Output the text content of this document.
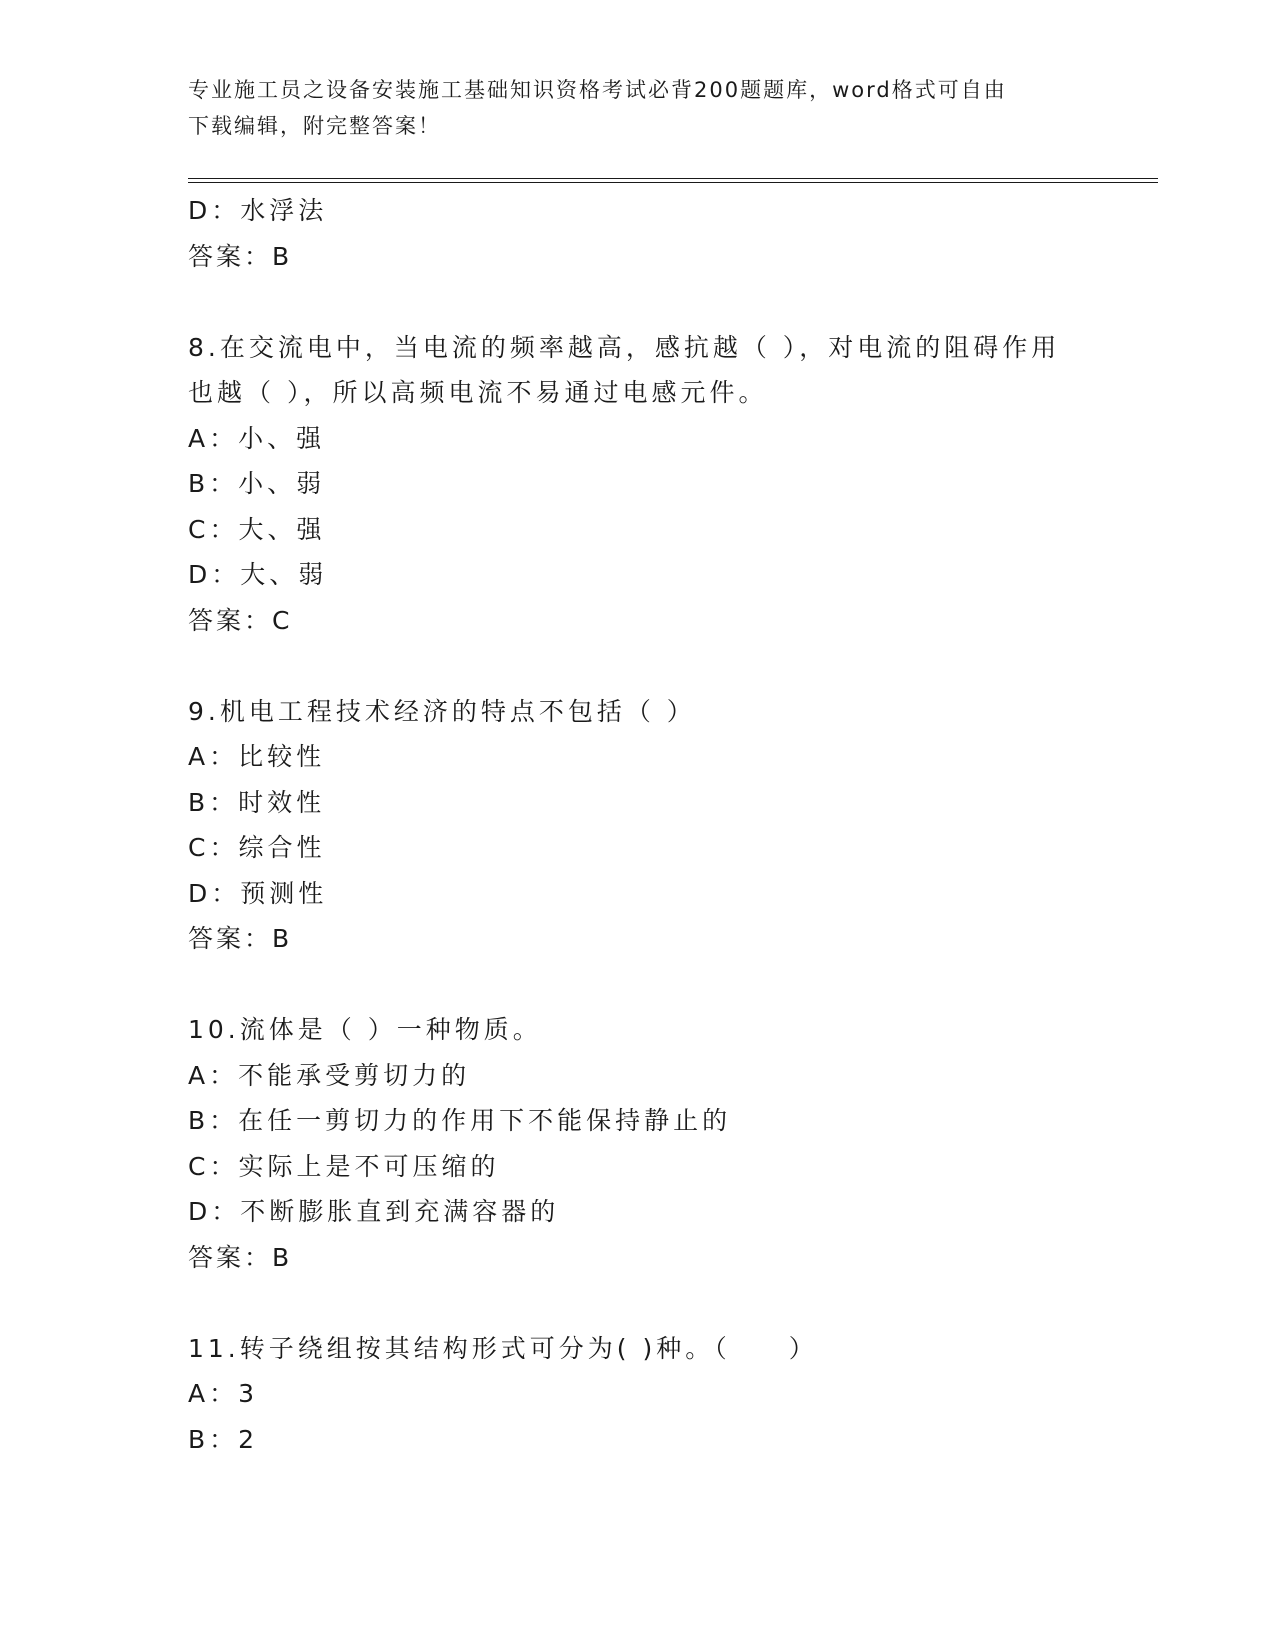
专业施工员之设备安装施工基础知识资格考试必背200题题库，word格式可自由
下载编辑，附完整答案！
D：水浮法
答案：B
8.在交流电中，当电流的频率越高，感抗越（ ），对电流的阻碍作用
也越（ ），所以高频电流不易通过电感元件。
A：小、强
B：小、弱
C：大、强
D：大、弱
答案：C
9.机电工程技术经济的特点不包括（ ）
A：比较性
B：时效性
C：综合性
D：预测性
答案：B
10.流体是（ ）一种物质。
A：不能承受剪切力的
B：在任一剪切力的作用下不能保持静止的
C：实际上是不可压缩的
D：不断膨胀直到充满容器的
答案：B
11.转子绕组按其结构形式可分为( )种。（　　）
A：3
B：2
